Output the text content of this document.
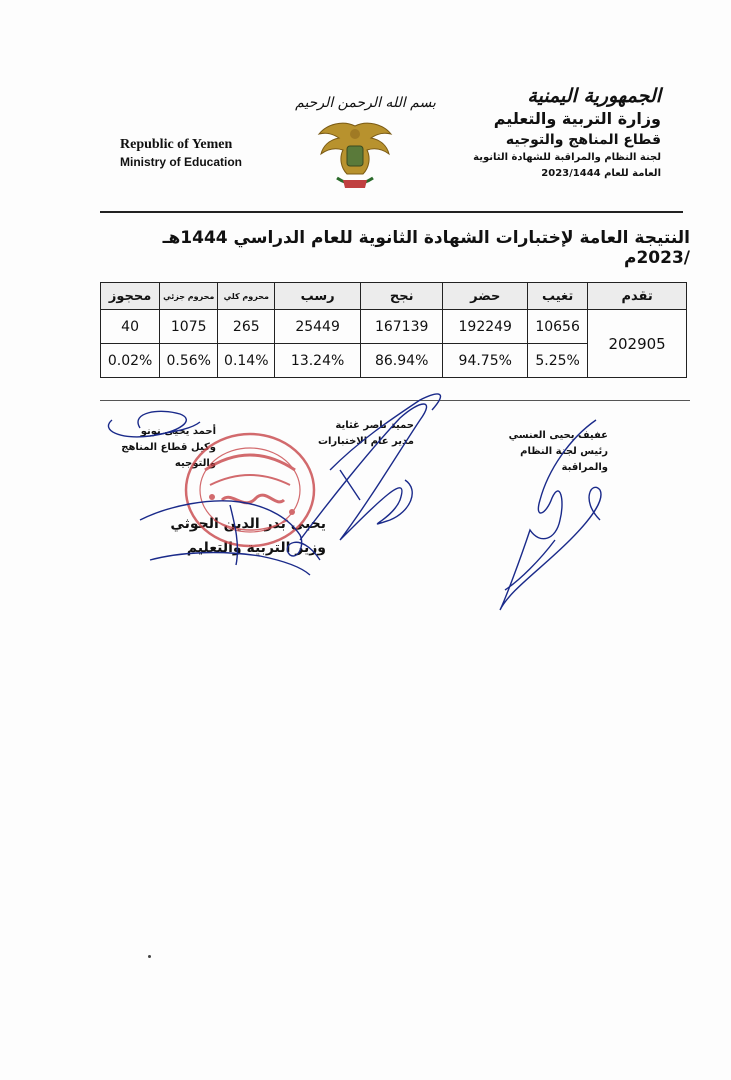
الجمهورية اليمنية
وزارة التربية والتعليم
قطاع المناهج والتوجيه
لجنة النظام والمراقبة للشهادة الثانوية
العامة للعام 2023/1444
بسم الله الرحمن الرحيم
Republic of Yemen
Ministry of Education
النتيجة العامة لإختبارات الشهادة الثانوية للعام الدراسي 1444هـ /2023م
تقدم	تغيب	حضر	نجح	رسب	محروم كلي	محروم جزئي	محجوز
202905	10656	192249	167139	25449	265	1075	40
	5.25%	94.75%	86.94%	13.24%	0.14%	0.56%	0.02%
عفيف يحيى العنسي
رئيس لجنة النظام والمراقبة
حميد ناصر غثاية
مدير عام الاختبارات
أحمد يحيى نونو
وكيل قطاع المناهج والتوجيه
يحيى بدر الدين الحوثي
وزير التربية والتعليم
